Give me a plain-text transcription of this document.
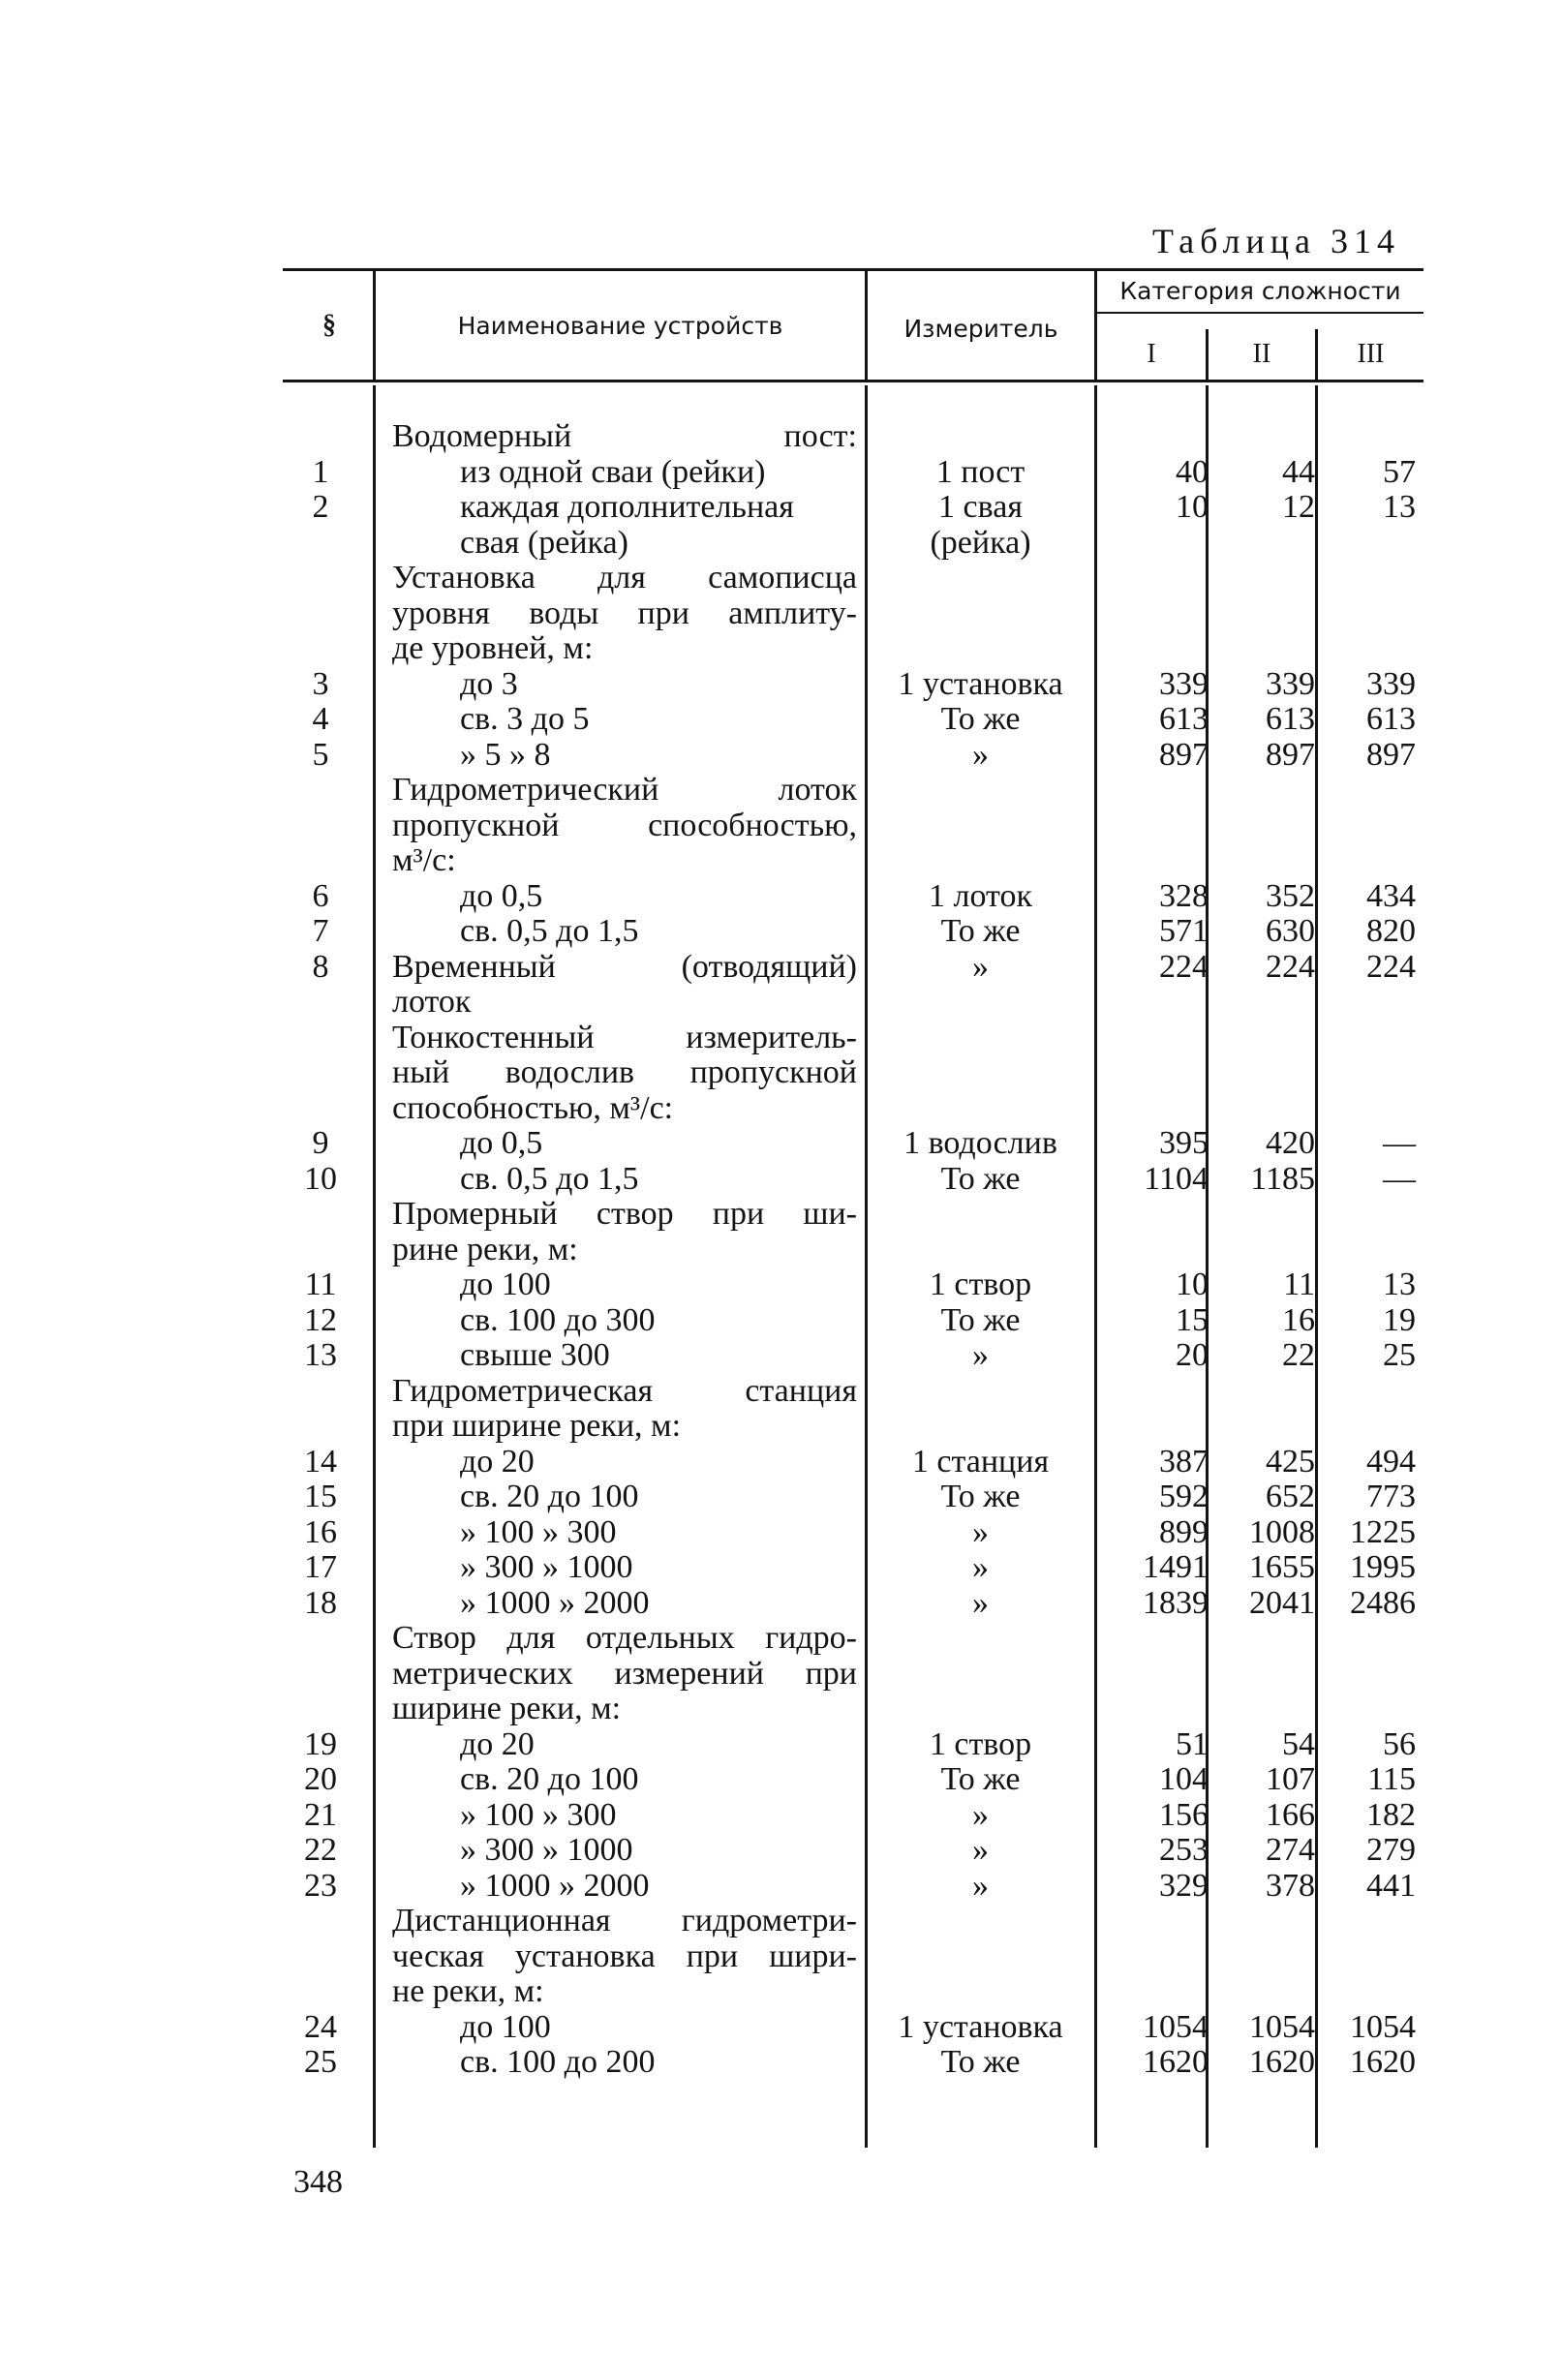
Таблица 314
§	Наименование устройств	Измеритель
Категория сложности
I	II	III
Водомерный пост:
1	из одной сваи (рейки)	1 пост	40	44	57
2	каждая дополнительная	1 свая	10	12	13
свая (рейка)	(рейка)
Установка для самописца
уровня воды при амплиту-
де уровней, м:
3	до 3	1 установка	339	339	339
4	св. 3 до 5	То же	613	613	613
5	» 5 » 8	»	897	897	897
Гидрометрический лоток
пропускной способностью,
м³/с:
6	до 0,5	1 лоток	328	352	434
7	св. 0,5 до 1,5	То же	571	630	820
8	Временный (отводящий)	»	224	224	224
лоток
Тонкостенный измеритель-
ный водослив пропускной
способностью, м³/с:
9	до 0,5	1 водослив	395	420	—
10	св. 0,5 до 1,5	То же	1104	1185	—
Промерный створ при ши-
рине реки, м:
11	до 100	1 створ	10	11	13
12	св. 100 до 300	То же	15	16	19
13	свыше 300	»	20	22	25
Гидрометрическая станция
при ширине реки, м:
14	до 20	1 станция	387	425	494
15	св. 20 до 100	То же	592	652	773
16	» 100 » 300	»	899	1008	1225
17	» 300 » 1000	»	1491	1655	1995
18	» 1000 » 2000	»	1839	2041	2486
Створ для отдельных гидро-
метрических измерений при
ширине реки, м:
19	до 20	1 створ	51	54	56
20	св. 20 до 100	То же	104	107	115
21	» 100 » 300	»	156	166	182
22	» 300 » 1000	»	253	274	279
23	» 1000 » 2000	»	329	378	441
Дистанционная гидрометри-
ческая установка при шири-
не реки, м:
24	до 100	1 установка	1054	1054	1054
25	св. 100 до 200	То же	1620	1620	1620
348
